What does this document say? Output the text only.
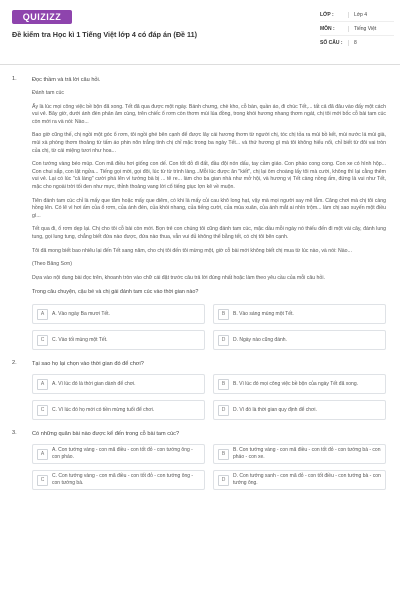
QUIZIZZ
Đề kiểm tra Học kì 1 Tiếng Việt lớp 4 có đáp án (Đề 11)
LỚP :	Lớp 4
MÔN :	Tiếng Việt
SỐ CÂU :	8
1.	Đọc thầm và trả lời câu hỏi.

Đánh tam cúc

Ấy là lúc mọi công việc bề bộn đã xong. Tết đã qua được một ngày. Bánh chưng, chè kho, cỗ bàn, quần áo, đi chúc Tết,... tất cả đã đâu vào đấy một cách vui vẻ. Bây giờ, dưới ánh đèn phản âm cùng, trên chiếc ổ rơm còn thơm mùi lúa đồng, trong khói hương nhang thơm ngát, chị tôi mới bốc cỗ bài tam cúc còn mới ra và nói: Nào...

Bao giờ cũng thế, chị ngồi một góc ổ rơm, tôi ngồi ghé bên cạnh để được lây cái hương thơm từ người chị, tóc chị tỏa ra mùi bồ kết, mùi nước lá mùi già, mùi xà phòng thơm thoảng từ tấm áo phin nõn trắng tinh chị chỉ mặc trong ba ngày Tết... và thứ hương gì mà tôi không hiểu nổi, chỉ biết từ đôi vai tròn của chị, từ cái miệng tươi như hoa...

Con tướng vàng béo múp. Con mã điều hơi giống con dế. Con tốt đỏ đi đất, đầu đội nón dấu, tay cầm giáo. Con pháo cong cong. Con xe có hình hộp... Con chui sắp, con lật ngửa... Tiếng gọi mời, gọi đôi, lúc từ từ trình làng...Mỗi lúc được ăn "kiết", chị lại ôm choàng lấy tôi mà cười, không thì lại cằng thêm vui vẻ. Lại có lúc "cả làng" cười phá lên vì tướng bà bị ... tê re... làm cho ba gian nhà như mở hội, và hương vị Tết càng nồng ấm, đứng là vui như Tết, mặc cho ngoài trời tối đen như mực, thỉnh thoảng vang lời cổ tiếng giục lợn kê về muộn.

Tiên đánh tam cúc chỉ là mấy que tăm hoặc mấy que diêm, có khi là mấy củi cau khô long hạt, vậy mà mọi người say mê lắm. Căng chơi mà chị tôi càng hồng lên. Có lẽ vì hơi ấm của ổ rơm, của ánh đèn, của khói nhang, của tiếng cười, của mùa xuân, của ánh mắt ai nhìn trộm... làm chị sao xuyến một điều gì...

Tết qua đi, ổ rơm dẹp lại. Chị cho tôi cỗ bài còn mới. Bọn trẻ con chúng tôi cũng đánh tam cúc, mặc dầu mỗi ngày nó thiếu đến đi một vài cây, đánh lung tung, gọi lung tung, chẳng biết đứa nào được, đứa nào thua, vẫn vui đủ không thể bằng tết, có chị tôi bên cạnh.

Tôi đã mong biết bao nhiêu lại đến Tết sang năm, cho chị tôi đến tôi mừng một, giờ cỗ bài mới không biết chị mua từ lúc nào, và nói: Nào...

(Theo Băng Sơn)

Dựa vào nội dung bài đọc trên, khoanh tròn vào chữ cái đặt trước câu trả lời đúng nhất hoặc làm theo yêu cầu của mỗi câu hỏi.

Trong câu chuyện, cậu bé và chị gái đánh tam cúc vào thời gian nào?
A	A. Vào ngày Ba mươi Tết.	B	B. Vào sáng mùng một Tết.
C	C. Vào tối mùng một Tết.	D	D. Ngày nào cũng đánh.
2.	Tại sao họ lại chọn vào thời gian đó để chơi?
A	A. Vì lúc đó là thời gian dành để chơi.	B	B. Vì lúc đó mọi công việc bề bộn của ngày Tết đã xong.
C	C. Vì lúc đó họ mới có tiền mừng tuổi để chơi.	D	D. Vì đó là thời gian quy định để chơi.
3.	Có những quân bài nào được kể đến trong cỗ bài tam cúc?
A
A. Con tướng vàng - con mã điều - con tốt đỏ - con tướng ông - con pháo.
B
B. Con tướng vàng - con mã điều - con tốt đỏ - con tướng bà - con pháo - con xe.
C
C. Con tướng vàng - con mã điều - con tốt đỏ - con tướng ông - con tướng bà.
D
D. Con tướng xanh - con mã đỏ - con tốt điều - con tướng bà - con tướng ông.
